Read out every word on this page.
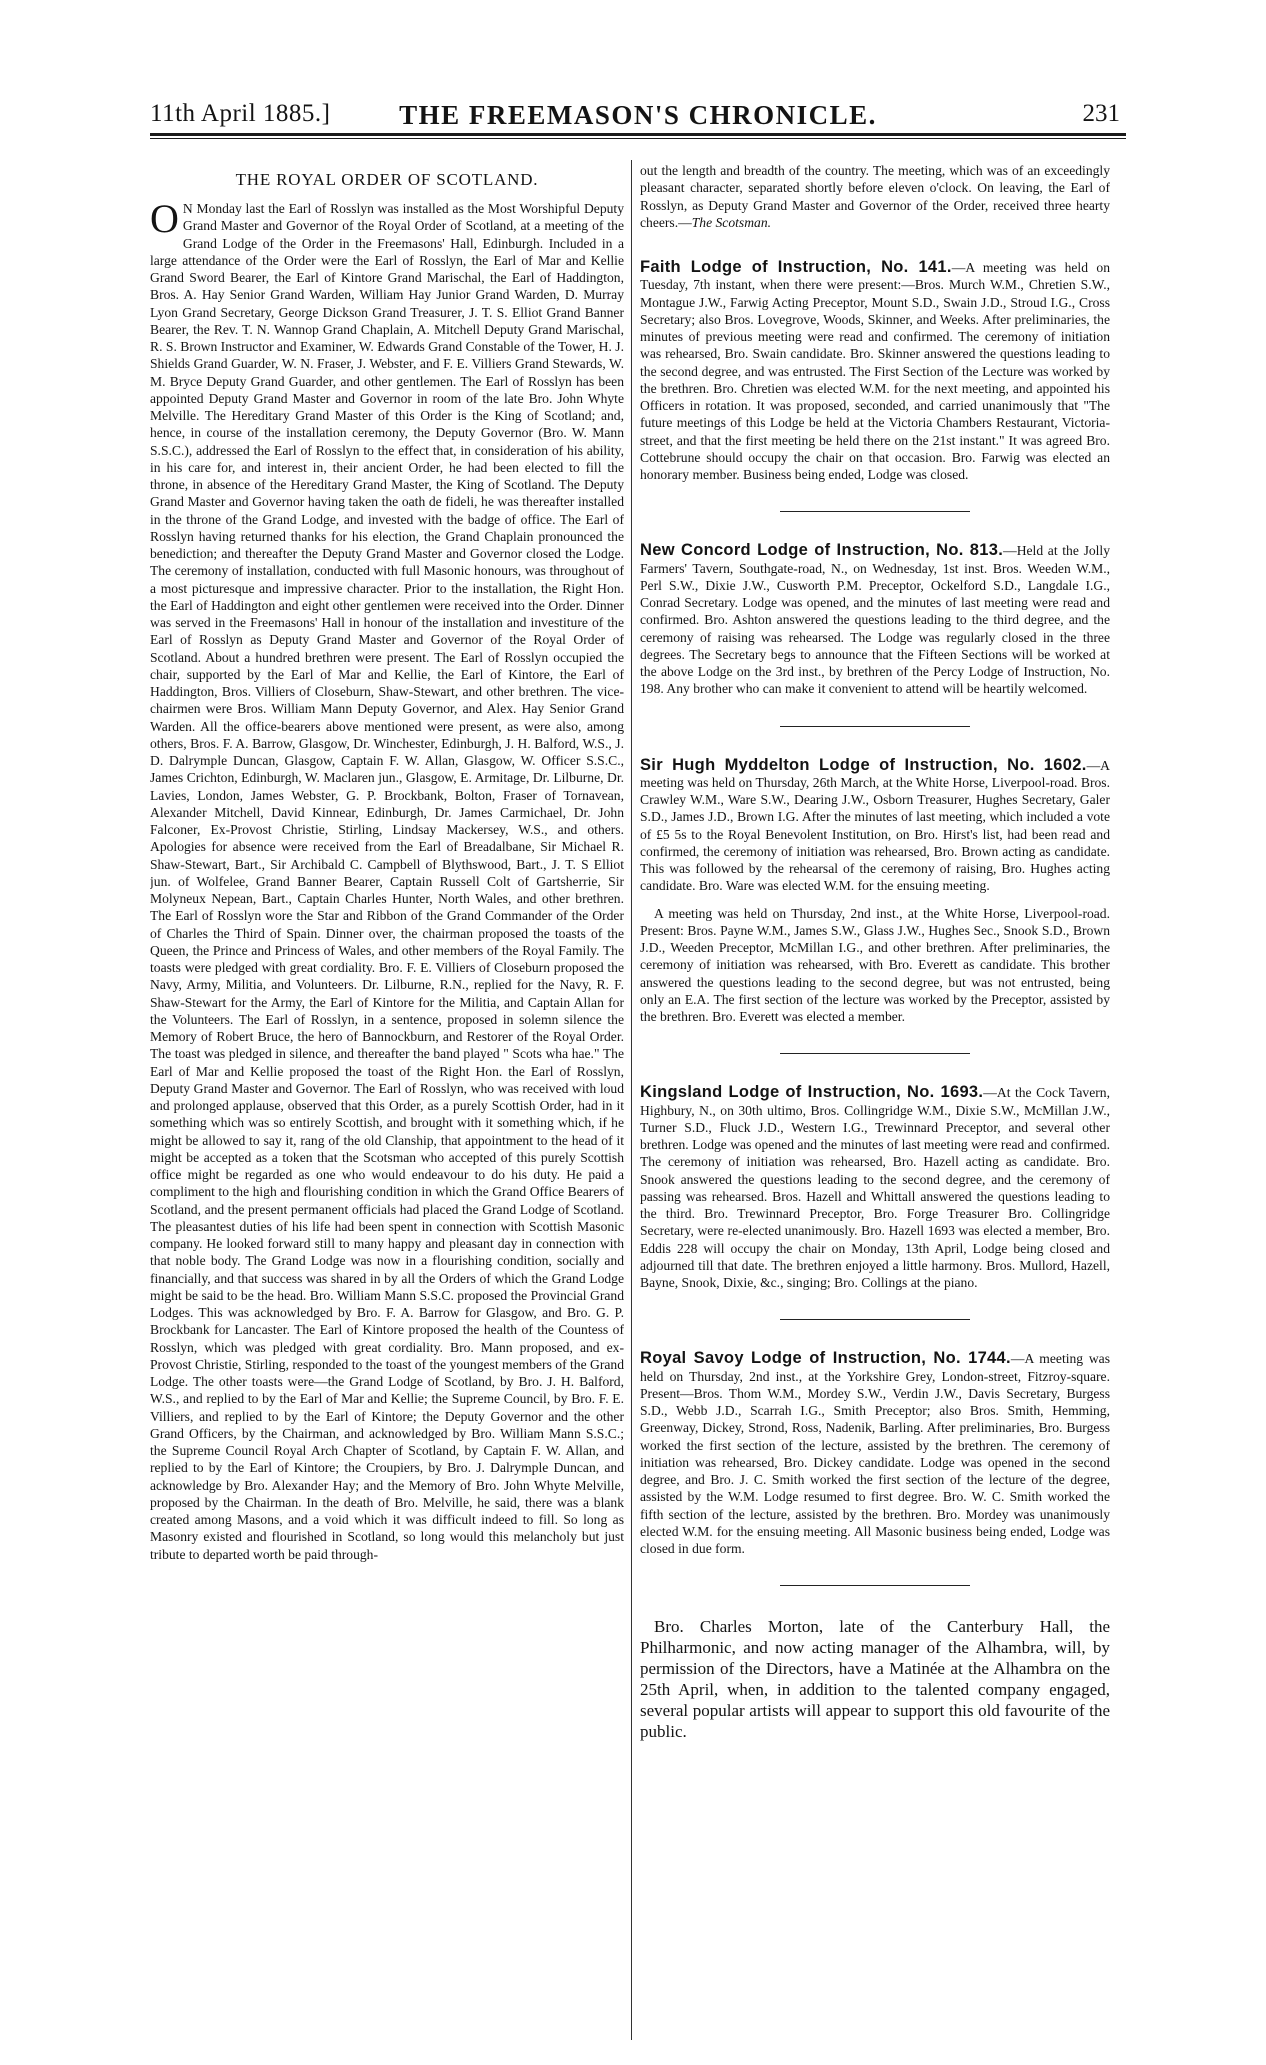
11th April 1885.]	THE FREEMASON'S CHRONICLE.	231
THE ROYAL ORDER OF SCOTLAND.

O N Monday last the Earl of Rosslyn was installed as the Most Worshipful Deputy Grand Master and Governor of the Royal Order of Scotland, at a meeting of the Grand Lodge of the Order in the Freemasons' Hall, Edinburgh. Included in a large attendance of the Order were the Earl of Rosslyn, the Earl of Mar and Kellie Grand Sword Bearer, the Earl of Kintore Grand Marischal, the Earl of Haddington, Bros. A. Hay Senior Grand Warden, William Hay Junior Grand Warden, D. Murray Lyon Grand Secretary, George Dickson Grand Treasurer, J. T. S. Elliot Grand Banner Bearer, the Rev. T. N. Wannop Grand Chaplain, A. Mitchell Deputy Grand Marischal, R. S. Brown Instructor and Examiner, W. Edwards Grand Constable of the Tower, H. J. Shields Grand Guarder, W. N. Fraser, J. Webster, and F. E. Villiers Grand Stewards, W. M. Bryce Deputy Grand Guarder, and other gentlemen. The Earl of Rosslyn has been appointed Deputy Grand Master and Governor in room of the late Bro. John Whyte Melville. The Hereditary Grand Master of this Order is the King of Scotland; and, hence, in course of the installation ceremony, the Deputy Governor (Bro. W. Mann S.S.C.), addressed the Earl of Rosslyn to the effect that, in consideration of his ability, in his care for, and interest in, their ancient Order, he had been elected to fill the throne, in absence of the Hereditary Grand Master, the King of Scotland. The Deputy Grand Master and Governor having taken the oath de fideli, he was thereafter installed in the throne of the Grand Lodge, and invested with the badge of office. The Earl of Rosslyn having returned thanks for his election, the Grand Chaplain pronounced the benediction; and thereafter the Deputy Grand Master and Governor closed the Lodge. The ceremony of installation, conducted with full Masonic honours, was throughout of a most picturesque and impressive character. Prior to the installation, the Right Hon. the Earl of Haddington and eight other gentlemen were received into the Order. Dinner was served in the Freemasons' Hall in honour of the installation and investiture of the Earl of Rosslyn as Deputy Grand Master and Governor of the Royal Order of Scotland. About a hundred brethren were present. The Earl of Rosslyn occupied the chair, supported by the Earl of Mar and Kellie, the Earl of Kintore, the Earl of Haddington, Bros. Villiers of Closeburn, Shaw-Stewart, and other brethren. The vice-chairmen were Bros. William Mann Deputy Governor, and Alex. Hay Senior Grand Warden. All the office-bearers above mentioned were present, as were also, among others, Bros. F. A. Barrow, Glasgow, Dr. Winchester, Edinburgh, J. H. Balford, W.S., J. D. Dalrymple Duncan, Glasgow, Captain F. W. Allan, Glasgow, W. Officer S.S.C., James Crichton, Edinburgh, W. Maclaren jun., Glasgow, E. Armitage, Dr. Lilburne, Dr. Lavies, London, James Webster, G. P. Brockbank, Bolton, Fraser of Tornavean, Alexander Mitchell, David Kinnear, Edinburgh, Dr. James Carmichael, Dr. John Falconer, Ex-Provost Christie, Stirling, Lindsay Mackersey, W.S., and others. Apologies for absence were received from the Earl of Breadalbane, Sir Michael R. Shaw-Stewart, Bart., Sir Archibald C. Campbell of Blythswood, Bart., J. T. S Elliot jun. of Wolfelee, Grand Banner Bearer, Captain Russell Colt of Gartsherrie, Sir Molyneux Nepean, Bart., Captain Charles Hunter, North Wales, and other brethren. The Earl of Rosslyn wore the Star and Ribbon of the Grand Commander of the Order of Charles the Third of Spain. Dinner over, the chairman proposed the toasts of the Queen, the Prince and Princess of Wales, and other members of the Royal Family. The toasts were pledged with great cordiality. Bro. F. E. Villiers of Closeburn proposed the Navy, Army, Militia, and Volunteers. Dr. Lilburne, R.N., replied for the Navy, R. F. Shaw-Stewart for the Army, the Earl of Kintore for the Militia, and Captain Allan for the Volunteers. The Earl of Rosslyn, in a sentence, proposed in solemn silence the Memory of Robert Bruce, the hero of Bannockburn, and Restorer of the Royal Order. The toast was pledged in silence, and thereafter the band played " Scots wha hae." The Earl of Mar and Kellie proposed the toast of the Right Hon. the Earl of Rosslyn, Deputy Grand Master and Governor. The Earl of Rosslyn, who was received with loud and prolonged applause, observed that this Order, as a purely Scottish Order, had in it something which was so entirely Scottish, and brought with it something which, if he might be allowed to say it, rang of the old Clanship, that appointment to the head of it might be accepted as a token that the Scotsman who accepted of this purely Scottish office might be regarded as one who would endeavour to do his duty. He paid a compliment to the high and flourishing condition in which the Grand Office Bearers of Scotland, and the present permanent officials had placed the Grand Lodge of Scotland. The pleasantest duties of his life had been spent in connection with Scottish Masonic company. He looked forward still to many happy and pleasant day in connection with that noble body. The Grand Lodge was now in a flourishing condition, socially and financially, and that success was shared in by all the Orders of which the Grand Lodge might be said to be the head. Bro. William Mann S.S.C. proposed the Provincial Grand Lodges. This was acknowledged by Bro. F. A. Barrow for Glasgow, and Bro. G. P. Brockbank for Lancaster. The Earl of Kintore proposed the health of the Countess of Rosslyn, which was pledged with great cordiality. Bro. Mann proposed, and ex-Provost Christie, Stirling, responded to the toast of the youngest members of the Grand Lodge. The other toasts were—the Grand Lodge of Scotland, by Bro. J. H. Balford, W.S., and replied to by the Earl of Mar and Kellie; the Supreme Council, by Bro. F. E. Villiers, and replied to by the Earl of Kintore; the Deputy Governor and the other Grand Officers, by the Chairman, and acknowledged by Bro. William Mann S.S.C.; the Supreme Council Royal Arch Chapter of Scotland, by Captain F. W. Allan, and replied to by the Earl of Kintore; the Croupiers, by Bro. J. Dalrymple Duncan, and acknowledge by Bro. Alexander Hay; and the Memory of Bro. John Whyte Melville, proposed by the Chairman. In the death of Bro. Melville, he said, there was a blank created among Masons, and a void which it was difficult indeed to fill. So long as Masonry existed and flourished in Scotland, so long would this melancholy but just tribute to departed worth be paid through-

out the length and breadth of the country. The meeting, which was of an exceedingly pleasant character, separated shortly before eleven o'clock. On leaving, the Earl of Rosslyn, as Deputy Grand Master and Governor of the Order, received three hearty cheers.—The Scotsman.

Faith Lodge of Instruction, No. 141.—A meeting was held on Tuesday, 7th instant, when there were present:—Bros. Murch W.M., Chretien S.W., Montague J.W., Farwig Acting Preceptor, Mount S.D., Swain J.D., Stroud I.G., Cross Secretary; also Bros. Lovegrove, Woods, Skinner, and Weeks. After preliminaries, the minutes of previous meeting were read and confirmed. The ceremony of initiation was rehearsed, Bro. Swain candidate. Bro. Skinner answered the questions leading to the second degree, and was entrusted. The First Section of the Lecture was worked by the brethren. Bro. Chretien was elected W.M. for the next meeting, and appointed his Officers in rotation. It was proposed, seconded, and carried unanimously that "The future meetings of this Lodge be held at the Victoria Chambers Restaurant, Victoria-street, and that the first meeting be held there on the 21st instant." It was agreed Bro. Cottebrune should occupy the chair on that occasion. Bro. Farwig was elected an honorary member. Business being ended, Lodge was closed.

New Concord Lodge of Instruction, No. 813.—Held at the Jolly Farmers' Tavern, Southgate-road, N., on Wednesday, 1st inst. Bros. Weeden W.M., Perl S.W., Dixie J.W., Cusworth P.M. Preceptor, Ockelford S.D., Langdale I.G., Conrad Secretary. Lodge was opened, and the minutes of last meeting were read and confirmed. Bro. Ashton answered the questions leading to the third degree, and the ceremony of raising was rehearsed. The Lodge was regularly closed in the three degrees. The Secretary begs to announce that the Fifteen Sections will be worked at the above Lodge on the 3rd inst., by brethren of the Percy Lodge of Instruction, No. 198. Any brother who can make it convenient to attend will be heartily welcomed.

Sir Hugh Myddelton Lodge of Instruction, No. 1602.—A meeting was held on Thursday, 26th March, at the White Horse, Liverpool-road. Bros. Crawley W.M., Ware S.W., Dearing J.W., Osborn Treasurer, Hughes Secretary, Galer S.D., James J.D., Brown I.G. After the minutes of last meeting, which included a vote of £5 5s to the Royal Benevolent Institution, on Bro. Hirst's list, had been read and confirmed, the ceremony of initiation was rehearsed, Bro. Brown acting as candidate. This was followed by the rehearsal of the ceremony of raising, Bro. Hughes acting candidate. Bro. Ware was elected W.M. for the ensuing meeting.

A meeting was held on Thursday, 2nd inst., at the White Horse, Liverpool-road. Present: Bros. Payne W.M., James S.W., Glass J.W., Hughes Sec., Snook S.D., Brown J.D., Weeden Preceptor, McMillan I.G., and other brethren. After preliminaries, the ceremony of initiation was rehearsed, with Bro. Everett as candidate. This brother answered the questions leading to the second degree, but was not entrusted, being only an E.A. The first section of the lecture was worked by the Preceptor, assisted by the brethren. Bro. Everett was elected a member.

Kingsland Lodge of Instruction, No. 1693.—At the Cock Tavern, Highbury, N., on 30th ultimo, Bros. Collingridge W.M., Dixie S.W., McMillan J.W., Turner S.D., Fluck J.D., Western I.G., Trewinnard Preceptor, and several other brethren. Lodge was opened and the minutes of last meeting were read and confirmed. The ceremony of initiation was rehearsed, Bro. Hazell acting as candidate. Bro. Snook answered the questions leading to the second degree, and the ceremony of passing was rehearsed. Bros. Hazell and Whittall answered the questions leading to the third. Bro. Trewinnard Preceptor, Bro. Forge Treasurer Bro. Collingridge Secretary, were re-elected unanimously. Bro. Hazell 1693 was elected a member, Bro. Eddis 228 will occupy the chair on Monday, 13th April, Lodge being closed and adjourned till that date. The brethren enjoyed a little harmony. Bros. Mullord, Hazell, Bayne, Snook, Dixie, &c., singing; Bro. Collings at the piano.

Royal Savoy Lodge of Instruction, No. 1744.—A meeting was held on Thursday, 2nd inst., at the Yorkshire Grey, London-street, Fitzroy-square. Present—Bros. Thom W.M., Mordey S.W., Verdin J.W., Davis Secretary, Burgess S.D., Webb J.D., Scarrah I.G., Smith Preceptor; also Bros. Smith, Hemming, Greenway, Dickey, Strond, Ross, Nadenik, Barling. After preliminaries, Bro. Burgess worked the first section of the lecture, assisted by the brethren. The ceremony of initiation was rehearsed, Bro. Dickey candidate. Lodge was opened in the second degree, and Bro. J. C. Smith worked the first section of the lecture of the degree, assisted by the W.M. Lodge resumed to first degree. Bro. W. C. Smith worked the fifth section of the lecture, assisted by the brethren. Bro. Mordey was unanimously elected W.M. for the ensuing meeting. All Masonic business being ended, Lodge was closed in due form.

Bro. Charles Morton, late of the Canterbury Hall, the Philharmonic, and now acting manager of the Alhambra, will, by permission of the Directors, have a Matinée at the Alhambra on the 25th April, when, in addition to the talented company engaged, several popular artists will appear to support this old favourite of the public.
